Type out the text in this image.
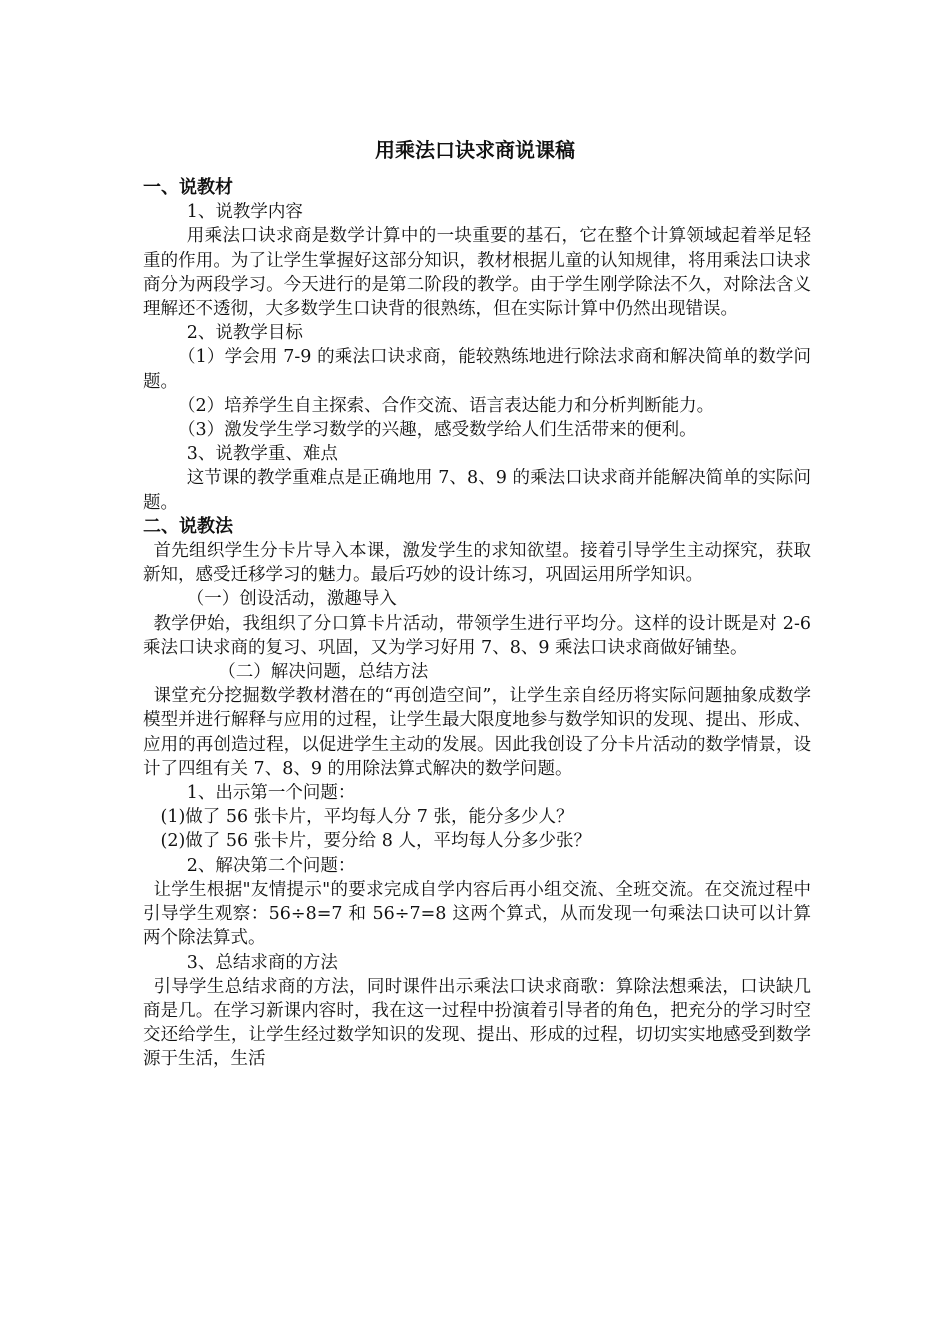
用乘法口诀求商说课稿

一、说教材

1、说教学内容

用乘法口诀求商是数学计算中的一块重要的基石，它在整个计算领域起着举足轻重的作用。为了让学生掌握好这部分知识，教材根据儿童的认知规律，将用乘法口诀求商分为两段学习。今天进行的是第二阶段的教学。由于学生刚学除法不久，对除法含义理解还不透彻，大多数学生口诀背的很熟练，但在实际计算中仍然出现错误。

2、说教学目标

（1）学会用 7-9 的乘法口诀求商，能较熟练地进行除法求商和解决简单的数学问题。

（2）培养学生自主探索、合作交流、语言表达能力和分析判断能力。

（3）激发学生学习数学的兴趣，感受数学给人们生活带来的便利。

3、说教学重、难点

这节课的教学重难点是正确地用 7、8、9 的乘法口诀求商并能解决简单的实际问题。

二、说教法

首先组织学生分卡片导入本课，激发学生的求知欲望。接着引导学生主动探究，获取新知，感受迁移学习的魅力。最后巧妙的设计练习，巩固运用所学知识。

（一）创设活动，激趣导入

教学伊始，我组织了分口算卡片活动，带领学生进行平均分。这样的设计既是对 2-6 乘法口诀求商的复习、巩固，又为学习好用 7、8、9 乘法口诀求商做好铺垫。

（二）解决问题，总结方法

课堂充分挖掘数学教材潜在的“再创造空间”，让学生亲自经历将实际问题抽象成数学模型并进行解释与应用的过程，让学生最大限度地参与数学知识的发现、提出、形成、应用的再创造过程，以促进学生主动的发展。因此我创设了分卡片活动的数学情景，设计了四组有关 7、8、9 的用除法算式解决的数学问题。

1、出示第一个问题：

(1)做了 56 张卡片，平均每人分 7 张，能分多少人？

(2)做了 56 张卡片，要分给 8 人，平均每人分多少张？

2、解决第二个问题：

让学生根据"友情提示"的要求完成自学内容后再小组交流、全班交流。在交流过程中引导学生观察：56÷8=7 和 56÷7=8 这两个算式，从而发现一句乘法口诀可以计算两个除法算式。

3、总结求商的方法

引导学生总结求商的方法，同时课件出示乘法口诀求商歌：算除法想乘法，口诀缺几商是几。在学习新课内容时，我在这一过程中扮演着引导者的角色，把充分的学习时空交还给学生，让学生经过数学知识的发现、提出、形成的过程，切切实实地感受到数学源于生活，生活
